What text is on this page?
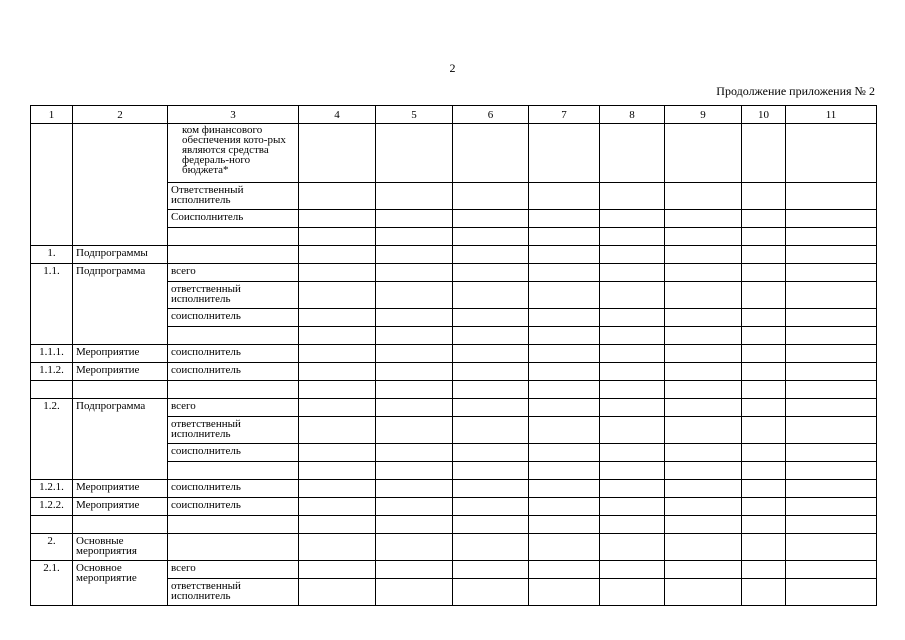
2
Продолжение приложения № 2
1	2	3	4	5	6	7	8	9	10	11
		ком финансового обеспечения кото-рых являются средства федераль-ного бюджета*								
		Ответственный исполнитель								
		Соисполнитель								

1.	Подпрограммы									
1.1.	Подпрограмма	всего								
		ответственный исполнитель								
		соисполнитель								

1.1.1.	Мероприятие	соисполнитель								
1.1.2.	Мероприятие	соисполнитель								

1.2.	Подпрограмма	всего								
		ответственный исполнитель								
		соисполнитель								

1.2.1.	Мероприятие	соисполнитель								
1.2.2.	Мероприятие	соисполнитель								

2.	Основные мероприятия									
2.1.	Основное мероприятие	всего								
		ответственный исполнитель								
